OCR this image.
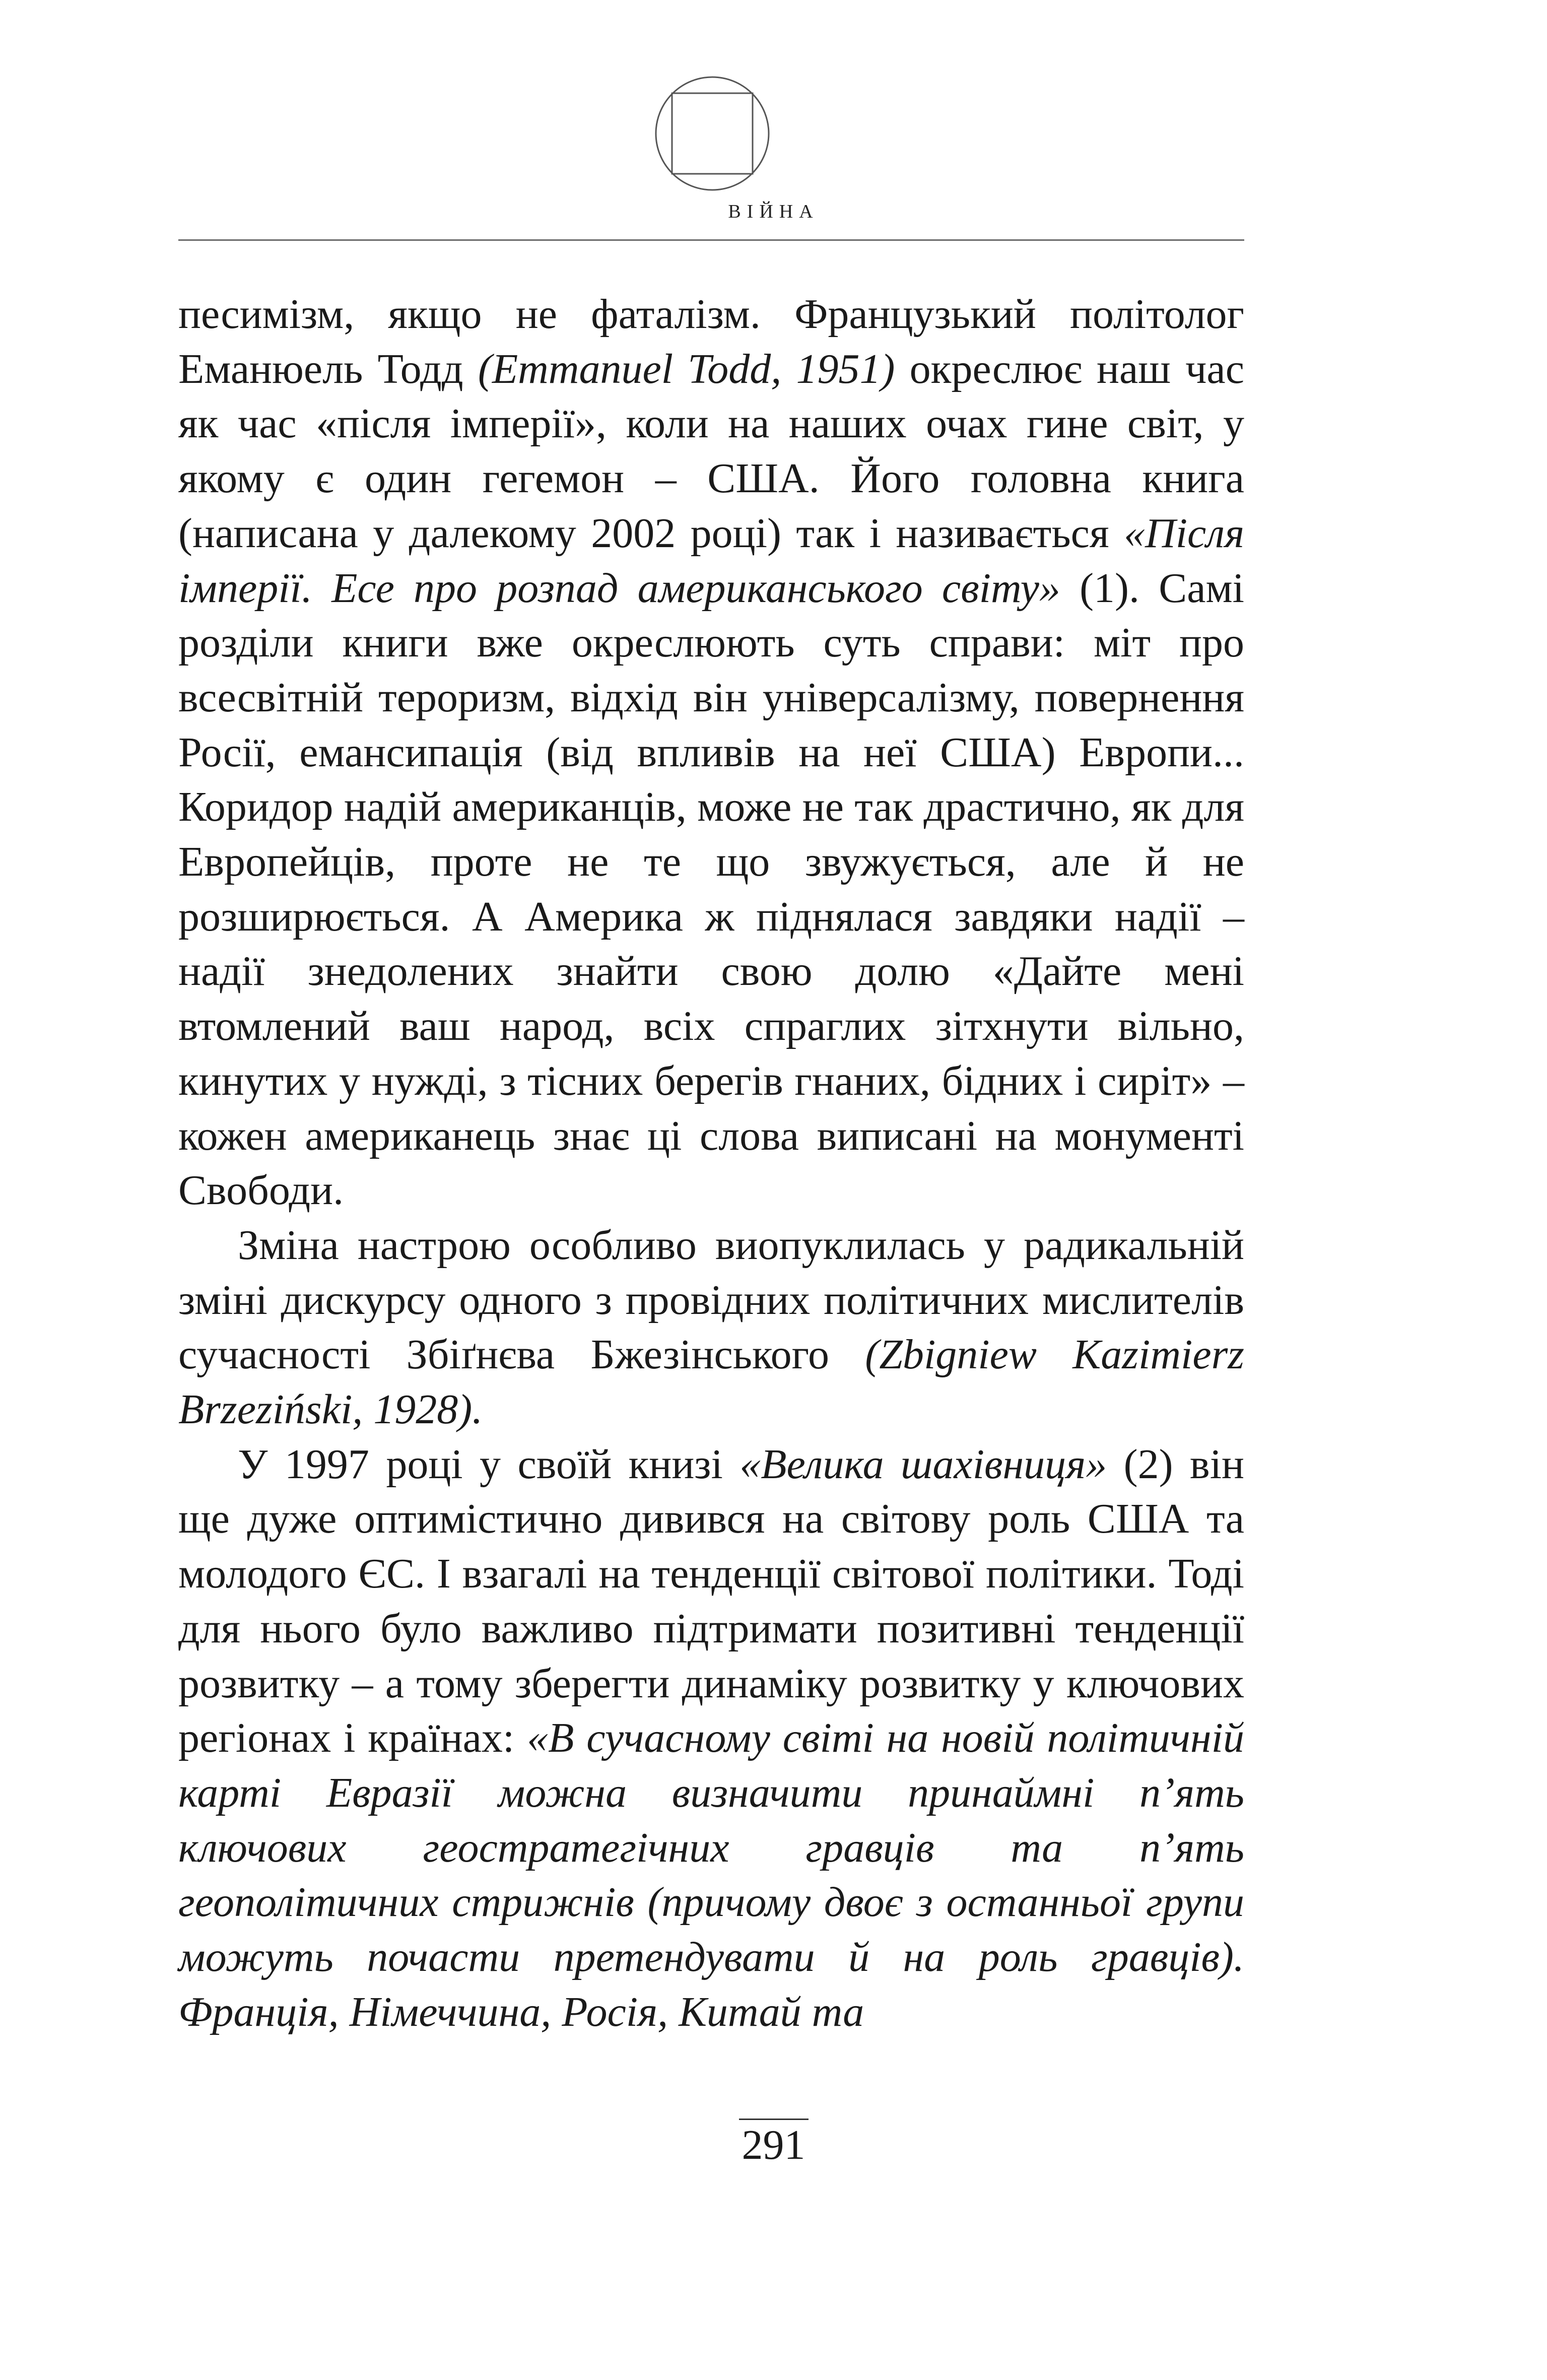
ВІЙНА

песимізм, якщо не фаталізм. Французький політолог Еманюель Тодд (Emmanuel Todd, 1951) окреслює наш час як час «після імперії», коли на наших очах гине світ, у якому є один гегемон – США. Його головна книга (написана у далекому 2002 році) так і називається «Після імперії. Есе про розпад американського світу» (1). Самі розділи книги вже окреслюють суть справи: міт про всесвітній тероризм, відхід він універсалізму, повернення Росії, емансипація (від впливів на неї США) Европи... Коридор надій американців, може не так драстично, як для Европейців, проте не те що звужується, але й не розширюється. А Америка ж піднялася завдяки надії – надії знедолених знайти свою долю «Дайте мені втомлений ваш народ, всіх спраглих зітхнути вільно, кинутих у нужді, з тісних берегів гнаних, бідних і сиріт» – кожен американець знає ці слова виписані на монументі Свободи.

Зміна настрою особливо виопуклилась у радикальній зміні дискурсу одного з провідних політичних мислителів сучасності Збіґнєва Бжезінського (Zbigniew Kazimierz Brzeziński, 1928).

У 1997 році у своїй книзі «Велика шахівниця» (2) він ще дуже оптимістично дивився на світову роль США та молодого ЄС. І взагалі на тенденції світової політики. Тоді для нього було важливо підтримати позитивні тенденції розвитку – а тому зберегти динаміку розвитку у ключових регіонах і країнах: «В сучасному світі на новій політичній карті Евразії можна визначити принаймні п’ять ключових геостратегічних гравців та п’ять геополітичних стрижнів (причому двоє з останньої групи можуть почасти претендувати й на роль гравців). Франція, Німеччина, Росія, Китай та

291
